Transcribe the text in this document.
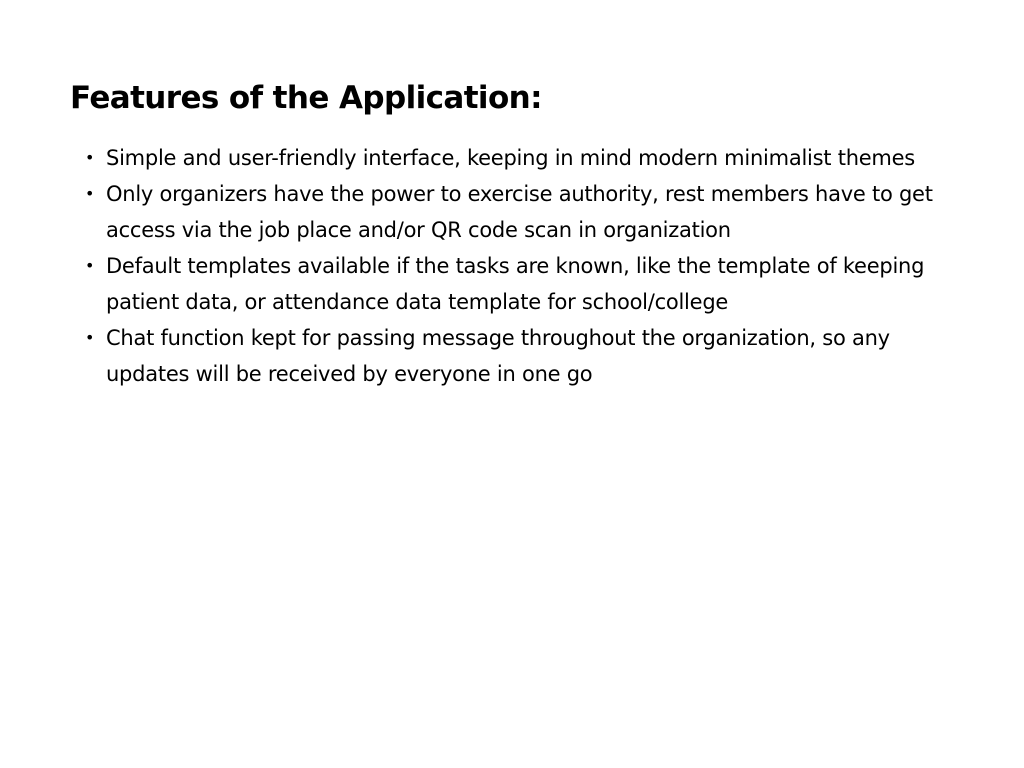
Features of the Application:
• Simple and user-friendly interface, keeping in mind modern minimalist themes
• Only organizers have the power to exercise authority, rest members have to get access via the job place and/or QR code scan in organization
• Default templates available if the tasks are known, like the template of keeping patient data, or attendance data template for school/college
• Chat function kept for passing message throughout the organization, so any updates will be received by everyone in one go
